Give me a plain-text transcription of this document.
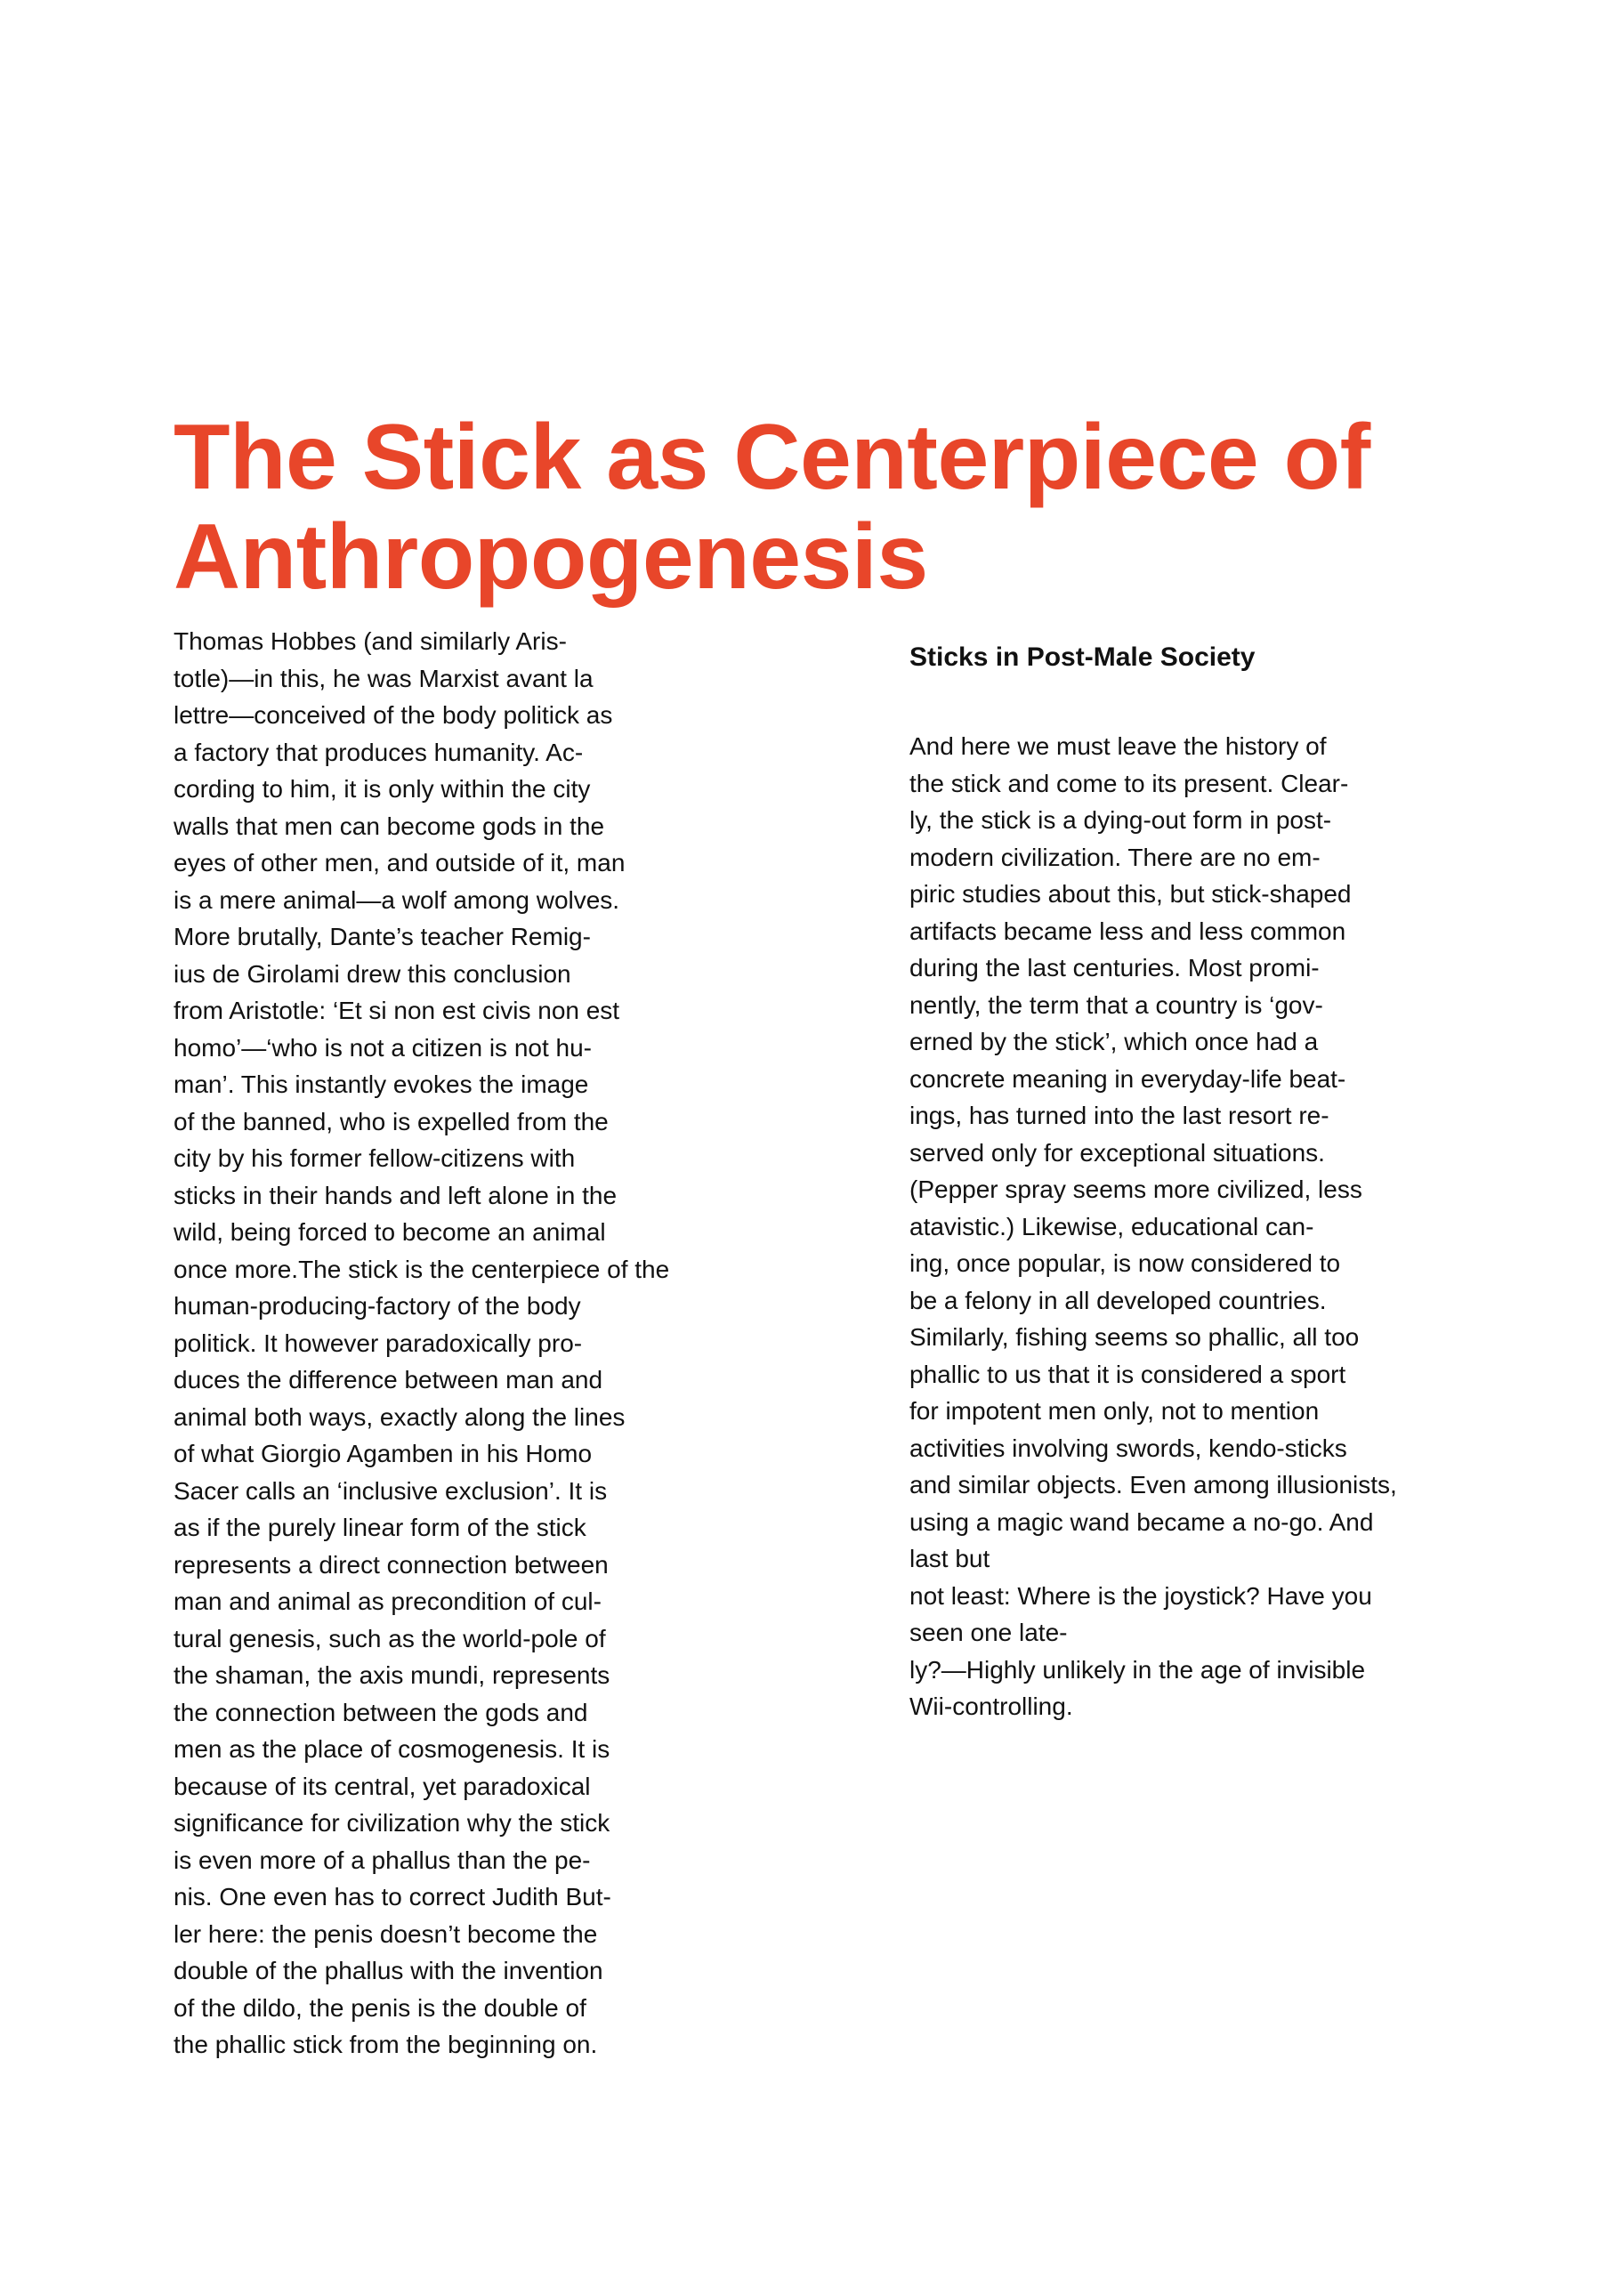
The Stick as Centerpiece of
Anthropogenesis
Thomas Hobbes (and similarly Aris-
totle)—in this, he was Marxist avant la
lettre—conceived of the body politick as
a factory that produces humanity. Ac-
cording to him, it is only within the city
walls that men can become gods in the
eyes of other men, and outside of it, man
is a mere animal—a wolf among wolves.
More brutally, Dante’s teacher Remig-
ius de Girolami drew this conclusion
from Aristotle: ‘Et si non est civis non est
homo’—‘who is not a citizen is not hu-
man’. This instantly evokes the image
of the banned, who is expelled from the
city by his former fellow-citizens with
sticks in their hands and left alone in the
wild, being forced to become an animal
once more.The stick is the centerpiece of the
human-producing-factory of the body
politick. It however paradoxically pro-
duces the difference between man and
animal both ways, exactly along the lines
of what Giorgio Agamben in his Homo
Sacer calls an ‘inclusive exclusion’. It is
as if the purely linear form of the stick
represents a direct connection between
man and animal as precondition of cul-
tural genesis, such as the world-pole of
the shaman, the axis mundi, represents
the connection between the gods and
men as the place of cosmogenesis. It is
because of its central, yet paradoxical
significance for civilization why the stick
is even more of a phallus than the pe-
nis. One even has to correct Judith But-
ler here: the penis doesn’t become the
double of the phallus with the invention
of the dildo, the penis is the double of
the phallic stick from the beginning on.
Sticks in Post-Male Society
And here we must leave the history of
the stick and come to its present. Clear-
ly, the stick is a dying-out form in post-
modern civilization. There are no em-
piric studies about this, but stick-shaped
artifacts became less and less common
during the last centuries. Most promi-
nently, the term that a country is ‘gov-
erned by the stick’, which once had a
concrete meaning in everyday-life beat-
ings, has turned into the last resort re-
served only for exceptional situations.
(Pepper spray seems more civilized, less
atavistic.) Likewise, educational can-
ing, once popular, is now considered to
be a felony in all developed countries.
Similarly, fishing seems so phallic, all too
phallic to us that it is considered a sport
for impotent men only, not to mention
activities involving swords, kendo-sticks
and similar objects. Even among illusionists,
using a magic wand became a no-go. And
last but
not least: Where is the joystick? Have you
seen one late-
ly?—Highly unlikely in the age of invisible
Wii-controlling.
